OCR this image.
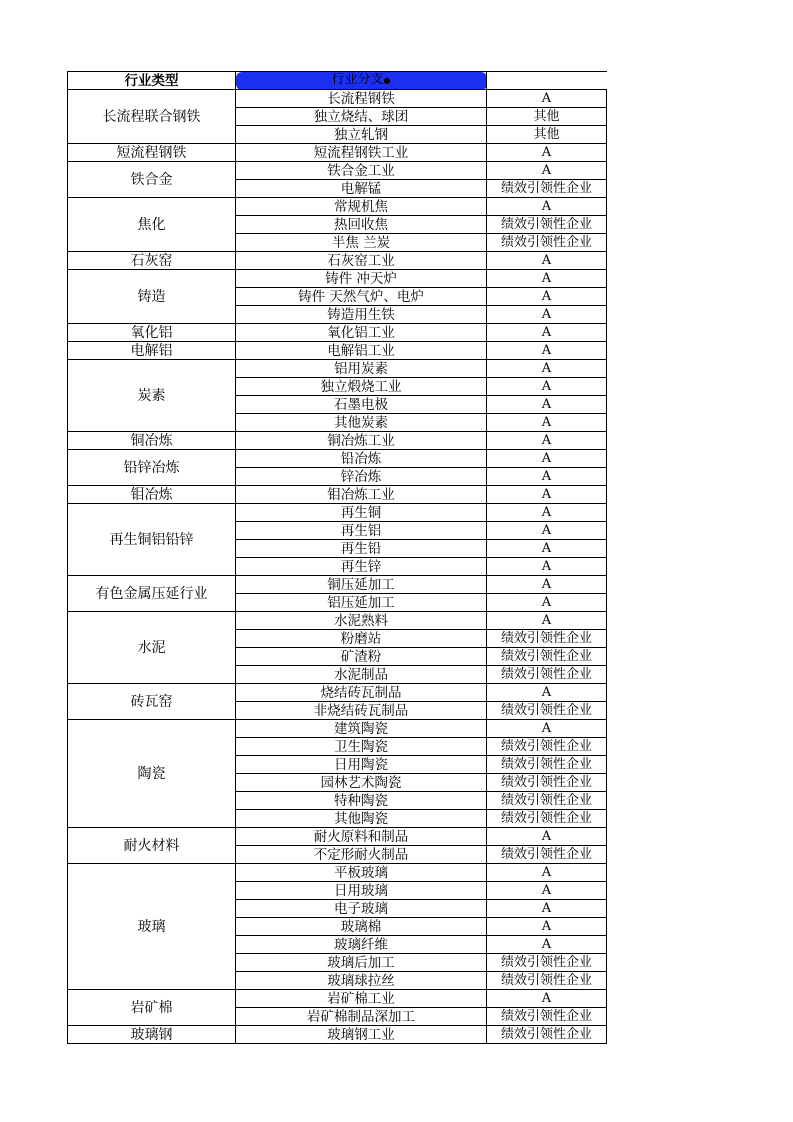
行业类型	行业分支●	
长流程联合钢铁	长流程钢铁	A
	独立烧结、球团	其他
	独立轧钢	其他
短流程钢铁	短流程钢铁工业	A
铁合金	铁合金工业	A
	电解锰	绩效引领性企业
焦化	常规机焦	A
	热回收焦	绩效引领性企业
	半焦 兰炭	绩效引领性企业
石灰窑	石灰窑工业	A
铸造	铸件 冲天炉	A
	铸件 天然气炉、电炉	A
	铸造用生铁	A
氧化铝	氧化铝工业	A
电解铝	电解铝工业	A
炭素	铝用炭素	A
	独立煅烧工业	A
	石墨电极	A
	其他炭素	A
铜冶炼	铜冶炼工业	A
铅锌冶炼	铅冶炼	A
	锌冶炼	A
钼冶炼	钼冶炼工业	A
再生铜铝铅锌	再生铜	A
	再生铝	A
	再生铅	A
	再生锌	A
有色金属压延行业	铜压延加工	A
	铝压延加工	A
水泥	水泥熟料	A
	粉磨站	绩效引领性企业
	矿渣粉	绩效引领性企业
	水泥制品	绩效引领性企业
砖瓦窑	烧结砖瓦制品	A
	非烧结砖瓦制品	绩效引领性企业
陶瓷	建筑陶瓷	A
	卫生陶瓷	绩效引领性企业
	日用陶瓷	绩效引领性企业
	园林艺术陶瓷	绩效引领性企业
	特种陶瓷	绩效引领性企业
	其他陶瓷	绩效引领性企业
耐火材料	耐火原料和制品	A
	不定形耐火制品	绩效引领性企业
玻璃	平板玻璃	A
	日用玻璃	A
	电子玻璃	A
	玻璃棉	A
	玻璃纤维	A
	玻璃后加工	绩效引领性企业
	玻璃球拉丝	绩效引领性企业
岩矿棉	岩矿棉工业	A
	岩矿棉制品深加工	绩效引领性企业
玻璃钢	玻璃钢工业	绩效引领性企业
